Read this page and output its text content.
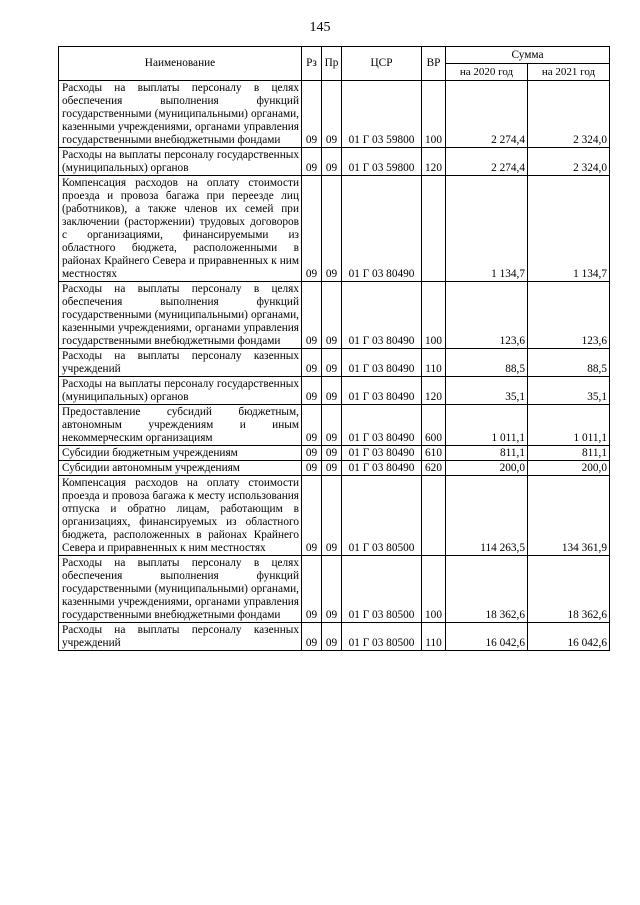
145
Наименование	Рз	Пр	ЦСР	ВР	Сумма	
					на 2020 год	на 2021 год
Расходы на выплаты персоналу в целях обеспечения выполнения функций государственными (муниципальными) органами, казенными учреждениями, органами управления государственными внебюджетными фондами	09	09	01 Г 03 59800	100	2 274,4	2 324,0
Расходы на выплаты персоналу государственных (муниципальных) органов	09	09	01 Г 03 59800	120	2 274,4	2 324,0
Компенсация расходов на оплату стоимости проезда и провоза багажа при переезде лиц (работников), а также членов их семей при заключении (расторжении) трудовых договоров с организациями, финансируемыми из областного бюджета, расположенными в районах Крайнего Севера и приравненных к ним местностях	09	09	01 Г 03 80490		1 134,7	1 134,7
Расходы на выплаты персоналу в целях обеспечения выполнения функций государственными (муниципальными) органами, казенными учреждениями, органами управления государственными внебюджетными фондами	09	09	01 Г 03 80490	100	123,6	123,6
Расходы на выплаты персоналу казенных учреждений	09	09	01 Г 03 80490	110	88,5	88,5
Расходы на выплаты персоналу государственных (муниципальных) органов	09	09	01 Г 03 80490	120	35,1	35,1
Предоставление субсидий бюджетным, автономным учреждениям и иным некоммерческим организациям	09	09	01 Г 03 80490	600	1 011,1	1 011,1
Субсидии бюджетным учреждениям	09	09	01 Г 03 80490	610	811,1	811,1
Субсидии автономным учреждениям	09	09	01 Г 03 80490	620	200,0	200,0
Компенсация расходов на оплату стоимости проезда и провоза багажа к месту использования отпуска и обратно лицам, работающим в организациях, финансируемых из областного бюджета, расположенных в районах Крайнего Севера и приравненных к ним местностях	09	09	01 Г 03 80500		114 263,5	134 361,9
Расходы на выплаты персоналу в целях обеспечения выполнения функций государственными (муниципальными) органами, казенными учреждениями, органами управления государственными внебюджетными фондами	09	09	01 Г 03 80500	100	18 362,6	18 362,6
Расходы на выплаты персоналу казенных учреждений	09	09	01 Г 03 80500	110	16 042,6	16 042,6
